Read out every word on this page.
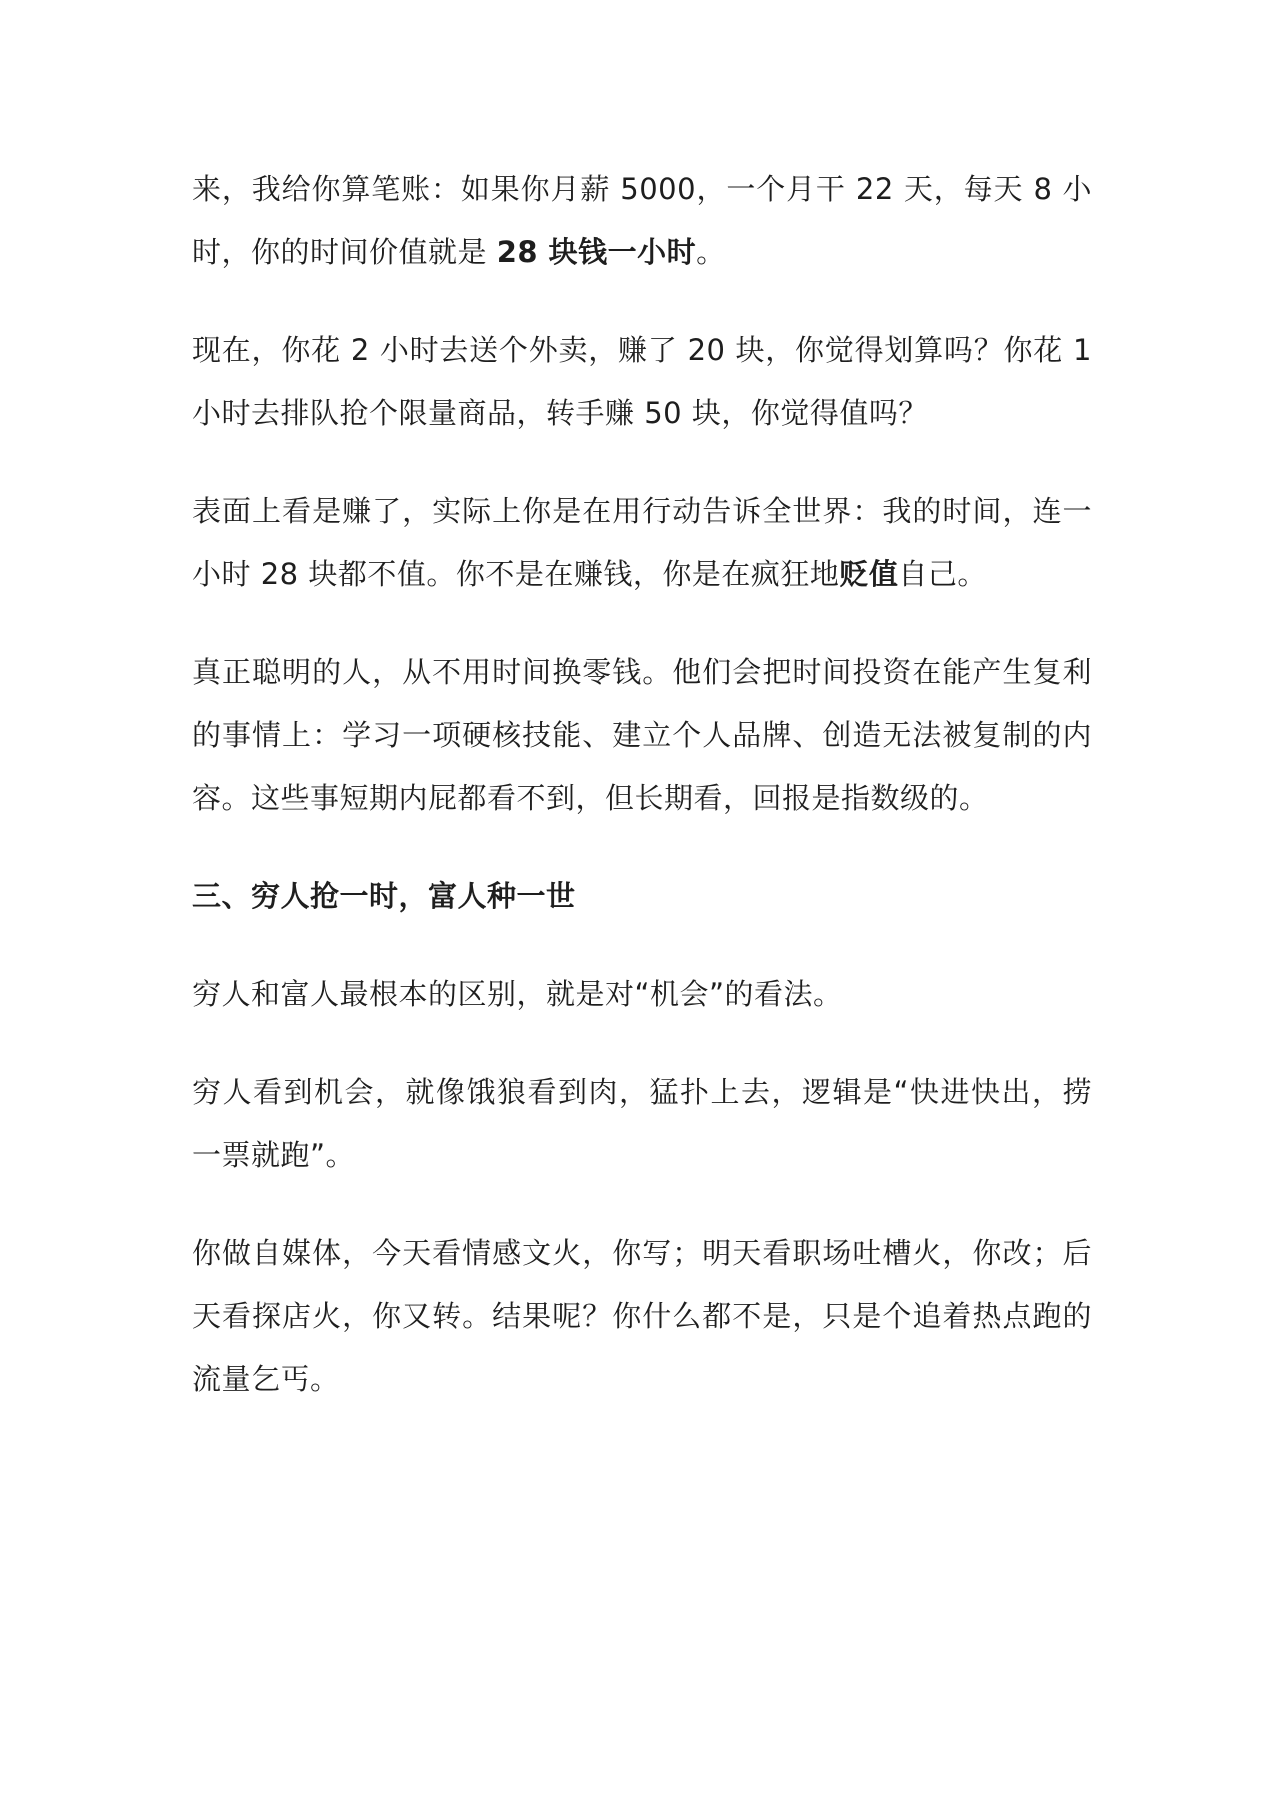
来，我给你算笔账：如果你月薪 5000，一个月干 22 天，每天 8 小时，你的时间价值就是 28 块钱一小时。

现在，你花 2 小时去送个外卖，赚了 20 块，你觉得划算吗？你花 1 小时去排队抢个限量商品，转手赚 50 块，你觉得值吗？

表面上看是赚了，实际上你是在用行动告诉全世界：我的时间，连一小时 28 块都不值。你不是在赚钱，你是在疯狂地贬值自己。

真正聪明的人，从不用时间换零钱。他们会把时间投资在能产生复利的事情上：学习一项硬核技能、建立个人品牌、创造无法被复制的内容。这些事短期内屁都看不到，但长期看，回报是指数级的。

三、穷人抢一时，富人种一世

穷人和富人最根本的区别，就是对“机会”的看法。

穷人看到机会，就像饿狼看到肉，猛扑上去，逻辑是“快进快出，捞一票就跑”。

你做自媒体，今天看情感文火，你写；明天看职场吐槽火，你改；后天看探店火，你又转。结果呢？你什么都不是，只是个追着热点跑的流量乞丐。
